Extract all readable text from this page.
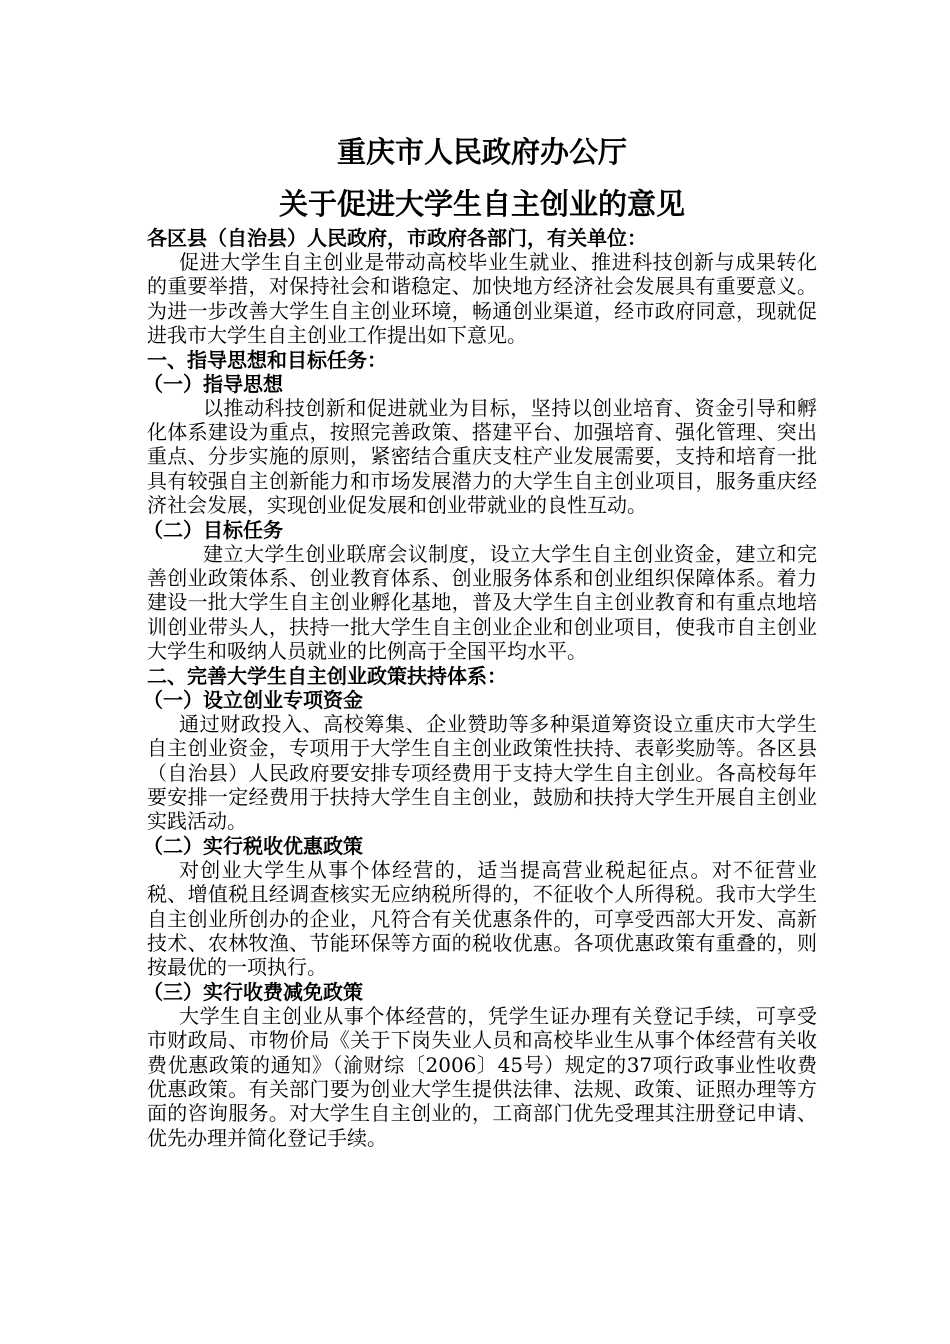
重庆市人民政府办公厅
关于促进大学生自主创业的意见

各区县（自治县）人民政府，市政府各部门，有关单位：

促进大学生自主创业是带动高校毕业生就业、推进科技创新与成果转化的重要举措，对保持社会和谐稳定、加快地方经济社会发展具有重要意义。为进一步改善大学生自主创业环境，畅通创业渠道，经市政府同意，现就促进我市大学生自主创业工作提出如下意见。

一、指导思想和目标任务：

（一）指导思想

以推动科技创新和促进就业为目标，坚持以创业培育、资金引导和孵化体系建设为重点，按照完善政策、搭建平台、加强培育、强化管理、突出重点、分步实施的原则，紧密结合重庆支柱产业发展需要，支持和培育一批具有较强自主创新能力和市场发展潜力的大学生自主创业项目，服务重庆经济社会发展，实现创业促发展和创业带就业的良性互动。

（二）目标任务

建立大学生创业联席会议制度，设立大学生自主创业资金，建立和完善创业政策体系、创业教育体系、创业服务体系和创业组织保障体系。着力建设一批大学生自主创业孵化基地，普及大学生自主创业教育和有重点地培训创业带头人，扶持一批大学生自主创业企业和创业项目，使我市自主创业大学生和吸纳人员就业的比例高于全国平均水平。

二、完善大学生自主创业政策扶持体系：

（一）设立创业专项资金

通过财政投入、高校筹集、企业赞助等多种渠道筹资设立重庆市大学生自主创业资金，专项用于大学生自主创业政策性扶持、表彰奖励等。各区县（自治县）人民政府要安排专项经费用于支持大学生自主创业。各高校每年要安排一定经费用于扶持大学生自主创业，鼓励和扶持大学生开展自主创业实践活动。

（二）实行税收优惠政策

对创业大学生从事个体经营的，适当提高营业税起征点。对不征营业税、增值税且经调查核实无应纳税所得的，不征收个人所得税。我市大学生自主创业所创办的企业，凡符合有关优惠条件的，可享受西部大开发、高新技术、农林牧渔、节能环保等方面的税收优惠。各项优惠政策有重叠的，则按最优的一项执行。

（三）实行收费减免政策

大学生自主创业从事个体经营的，凭学生证办理有关登记手续，可享受市财政局、市物价局《关于下岗失业人员和高校毕业生从事个体经营有关收费优惠政策的通知》（渝财综〔2006〕45号）规定的37项行政事业性收费优惠政策。有关部门要为创业大学生提供法律、法规、政策、证照办理等方面的咨询服务。对大学生自主创业的，工商部门优先受理其注册登记申请、优先办理并简化登记手续。
